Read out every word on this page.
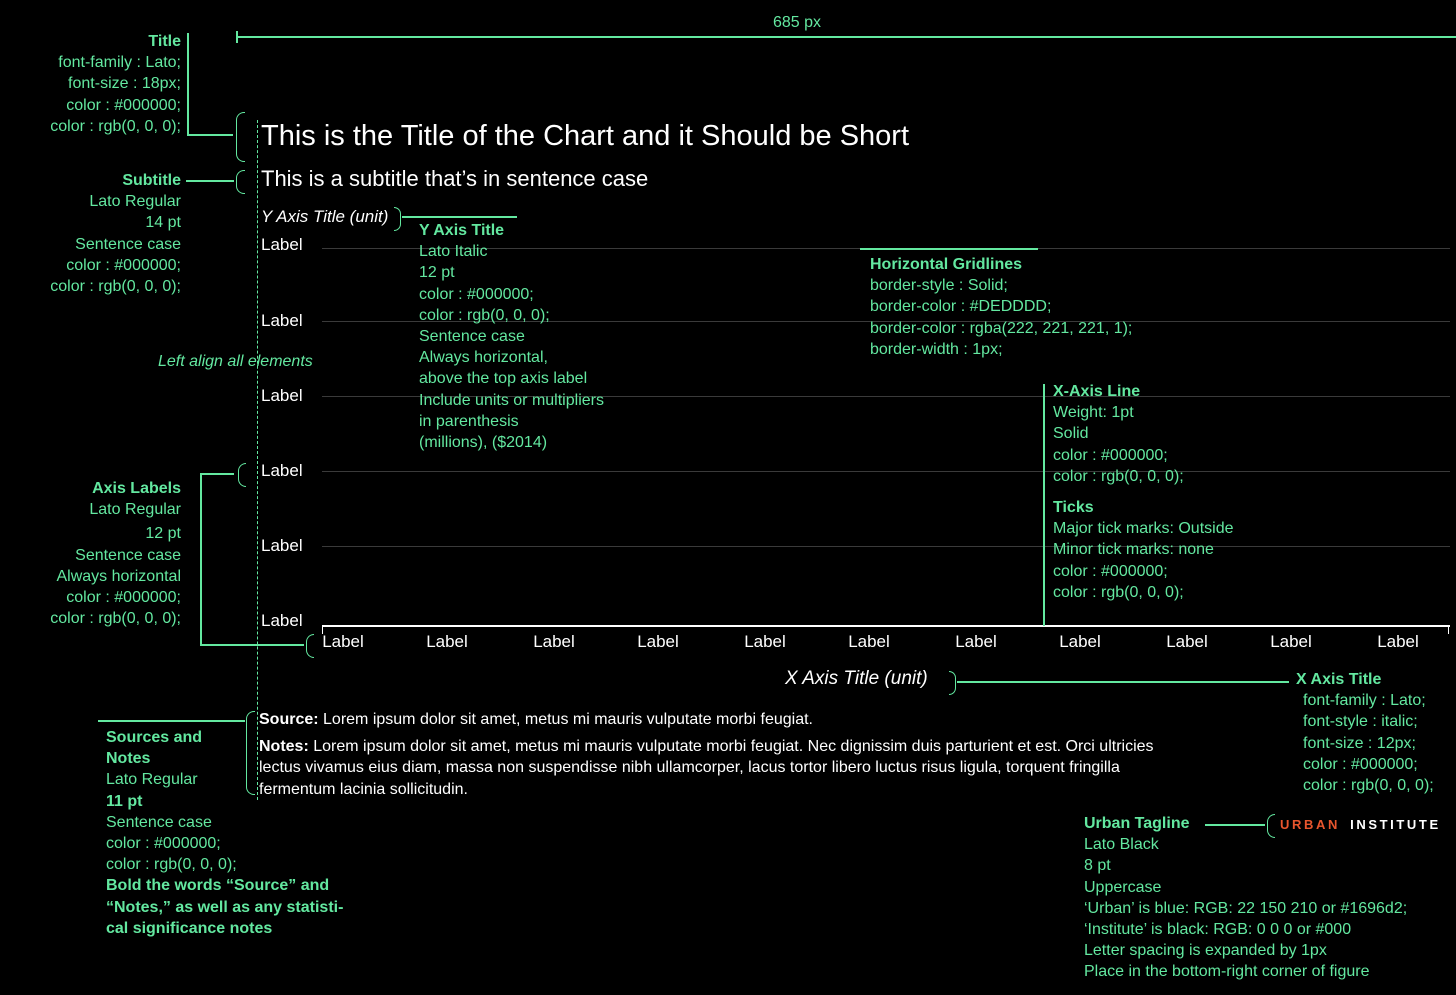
685 px
Title
font-family : Lato;
font-size : 18px;
color : #000000;
color : rgb(0, 0, 0);
Subtitle
Lato Regular
14 pt
Sentence case
color : #000000;
color : rgb(0, 0, 0);
Left align all elements
Axis Labels
Lato Regular
12 pt
Sentence case
Always horizontal
color : #000000;
color : rgb(0, 0, 0);
This is the Title of the Chart and it Should be Short
This is a subtitle that’s in sentence case
Y Axis Title (unit)
Label
Label
Label
Label
Label
Label
Label	Label	Label	Label	Label	Label	Label	Label	Label	Label	Label
X Axis Title (unit)
Y Axis Title
Lato Italic
12 pt
color : #000000;
color : rgb(0, 0, 0);
Sentence case
Always horizontal,
above the top axis label
Include units or multipliers
in parenthesis
(millions), ($2014)
Horizontal Gridlines
border-style : Solid;
border-color : #DEDDDD;
border-color : rgba(222, 221, 221, 1);
border-width : 1px;
X-Axis Line
Weight: 1pt
Solid
color : #000000;
color : rgb(0, 0, 0);
Ticks
Major tick marks: Outside
Minor tick marks: none
color : #000000;
color : rgb(0, 0, 0);
X Axis Title
font-family : Lato;
font-style : italic;
font-size : 12px;
color : #000000;
color : rgb(0, 0, 0);
Source: Lorem ipsum dolor sit amet, metus mi mauris vulputate morbi feugiat.
Notes: Lorem ipsum dolor sit amet, metus mi mauris vulputate morbi feugiat. Nec dignissim duis parturient et est. Orci ultricies
lectus vivamus eius diam, massa non suspendisse nibh ullamcorper, lacus tortor libero luctus risus ligula, torquent fringilla
fermentum lacinia sollicitudin.
Sources and
Notes
Lato Regular
11 pt
Sentence case
color : #000000;
color : rgb(0, 0, 0);
Bold the words “Source” and
“Notes,” as well as any statisti-
cal significance notes
URBAN INSTITUTE
Urban Tagline
Lato Black
8 pt
Uppercase
‘Urban’ is blue: RGB: 22 150 210 or #1696d2;
‘Institute’ is black: RGB: 0 0 0 or #000
Letter spacing is expanded by 1px
Place in the bottom-right corner of figure
